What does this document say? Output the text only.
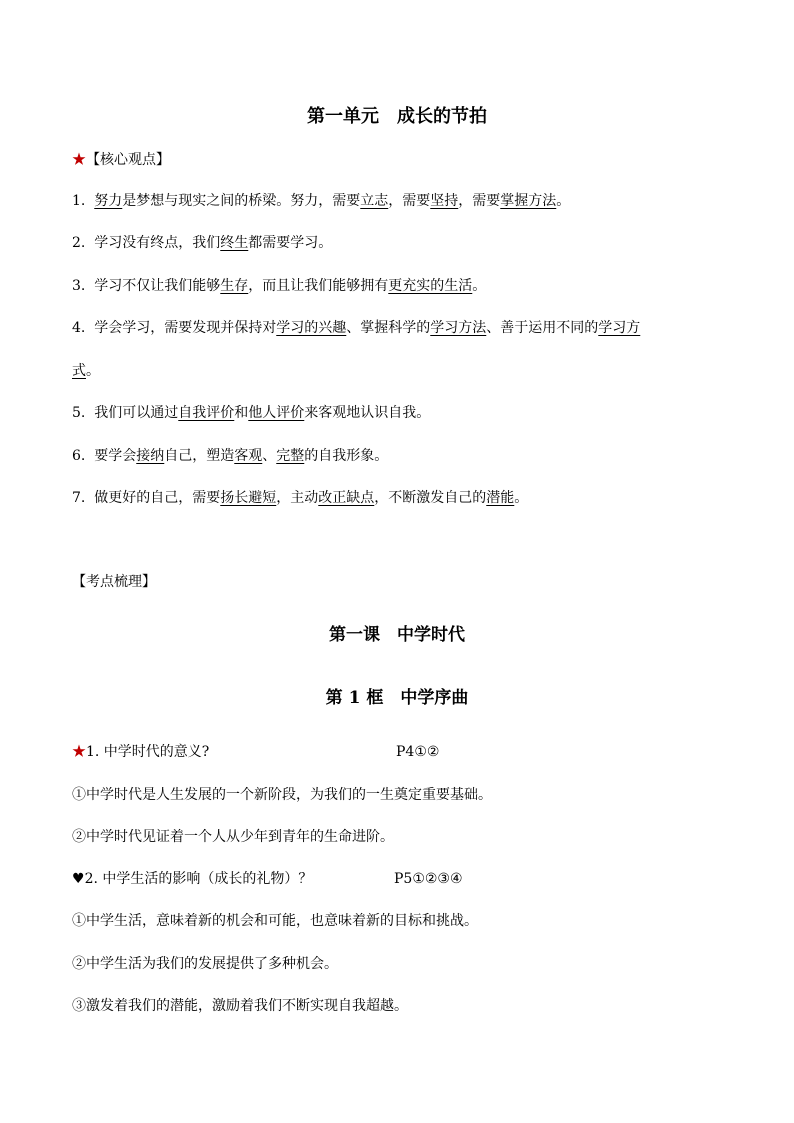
第一单元　成长的节拍
★【核心观点】
1.  努力是梦想与现实之间的桥梁。努力，需要立志，需要坚持，需要掌握方法。
2.  学习没有终点，我们终生都需要学习。
3.  学习不仅让我们能够生存，而且让我们能够拥有更充实的生活。
4.  学会学习，需要发现并保持对学习的兴趣、掌握科学的学习方法、善于运用不同的学习方
式。
5.  我们可以通过自我评价和他人评价来客观地认识自我。
6.  要学会接纳自己，塑造客观、完整的自我形象。
7.  做更好的自己，需要扬长避短，主动改正缺点，不断激发自己的潜能。
【考点梳理】
第一课　中学时代
第 1 框　中学序曲
★1. 中学时代的意义?	P4①②
①中学时代是人生发展的一个新阶段，为我们的一生奠定重要基础。
②中学时代见证着一个人从少年到青年的生命进阶。
♥2. 中学生活的影响（成长的礼物）？	P5①②③④
①中学生活，意味着新的机会和可能，也意味着新的目标和挑战。
②中学生活为我们的发展提供了多种机会。
③激发着我们的潜能，激励着我们不断实现自我超越。
